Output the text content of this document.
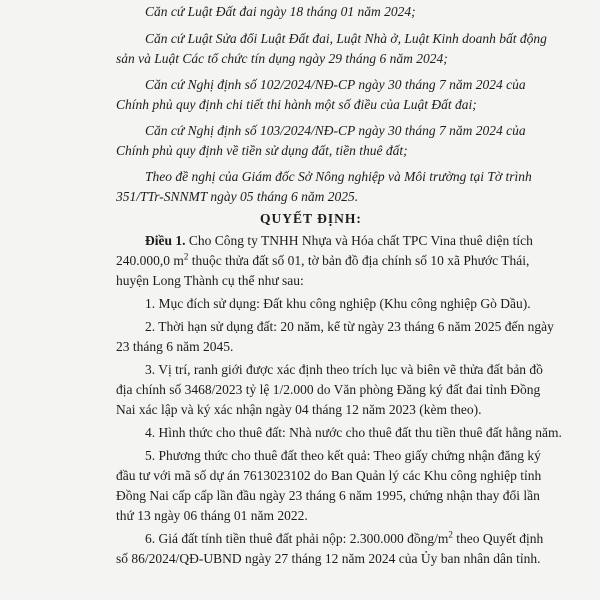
Căn cứ Luật Đất đai ngày 18 tháng 01 năm 2024;

Căn cứ Luật Sửa đổi Luật Đất đai, Luật Nhà ở, Luật Kinh doanh bất động

sản và Luật Các tổ chức tín dụng ngày 29 tháng 6 năm 2024;

Căn cứ Nghị định số 102/2024/NĐ-CP ngày 30 tháng 7 năm 2024 của

Chính phủ quy định chi tiết thi hành một số điều của Luật Đất đai;

Căn cứ Nghị định số 103/2024/NĐ-CP ngày 30 tháng 7 năm 2024 của

Chính phủ quy định về tiền sử dụng đất, tiền thuê đất;

Theo đề nghị của Giám đốc Sở Nông nghiệp và Môi trường tại Tờ trình

351/TTr-SNNMT ngày 05 tháng 6 năm 2025.

QUYẾT ĐỊNH:

Điều 1. Cho Công ty TNHH Nhựa và Hóa chất TPC Vina thuê diện tích

240.000,0 $m^2$ thuộc thửa đất số 01, tờ bản đồ địa chính số 10 xã Phước Thái,

huyện Long Thành cụ thể như sau:

1. Mục đích sử dụng: Đất khu công nghiệp (Khu công nghiệp Gò Dầu).

2. Thời hạn sử dụng đất: 20 năm, kể từ ngày 23 tháng 6 năm 2025 đến ngày

23 tháng 6 năm 2045.

3. Vị trí, ranh giới được xác định theo trích lục và biên vẽ thửa đất bản đồ

địa chính số 3468/2023 tỷ lệ 1/2.000 do Văn phòng Đăng ký đất đai tỉnh Đồng

Nai xác lập và ký xác nhận ngày 04 tháng 12 năm 2023 (kèm theo).

4. Hình thức cho thuê đất: Nhà nước cho thuê đất thu tiền thuê đất hằng năm.

5. Phương thức cho thuê đất theo kết quả: Theo giấy chứng nhận đăng ký

đầu tư với mã số dự án 7613023102 do Ban Quản lý các Khu công nghiệp tỉnh

Đồng Nai cấp cấp lần đầu ngày 23 tháng 6 năm 1995, chứng nhận thay đổi lần

thứ 13 ngày 06 tháng 01 năm 2022.

6. Giá đất tính tiền thuê đất phải nộp: 2.300.000 đồng/$m^2$ theo Quyết định

số 86/2024/QĐ-UBND ngày 27 tháng 12 năm 2024 của Ủy ban nhân dân tỉnh.
